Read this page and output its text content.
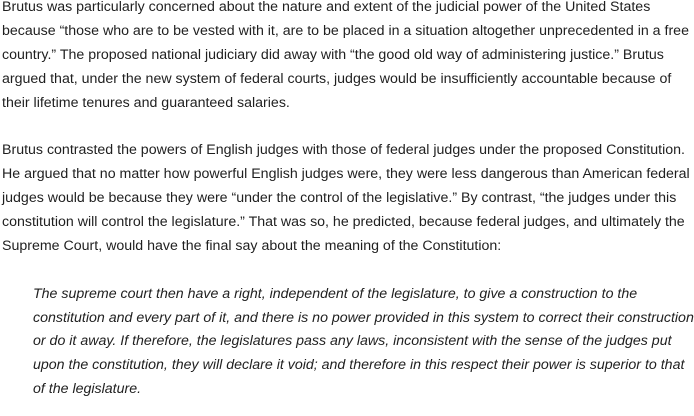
Brutus was particularly concerned about the nature and extent of the judicial power of the United States because “those who are to be vested with it, are to be placed in a situation altogether unprecedented in a free country.” The proposed national judiciary did away with “the good old way of administering justice.” Brutus argued that, under the new system of federal courts, judges would be insufficiently accountable because of their lifetime tenures and guaranteed salaries.

Brutus contrasted the powers of English judges with those of federal judges under the proposed Constitution. He argued that no matter how powerful English judges were, they were less dangerous than American federal judges would be because they were “under the control of the legislative.” By contrast, “the judges under this constitution will control the legislature.” That was so, he predicted, because federal judges, and ultimately the Supreme Court, would have the final say about the meaning of the Constitution:

The supreme court then have a right, independent of the legislature, to give a construction to the constitution and every part of it, and there is no power provided in this system to correct their construction or do it away. If therefore, the legislatures pass any laws, inconsistent with the sense of the judges put upon the constitution, they will declare it void; and therefore in this respect their power is superior to that of the legislature.
